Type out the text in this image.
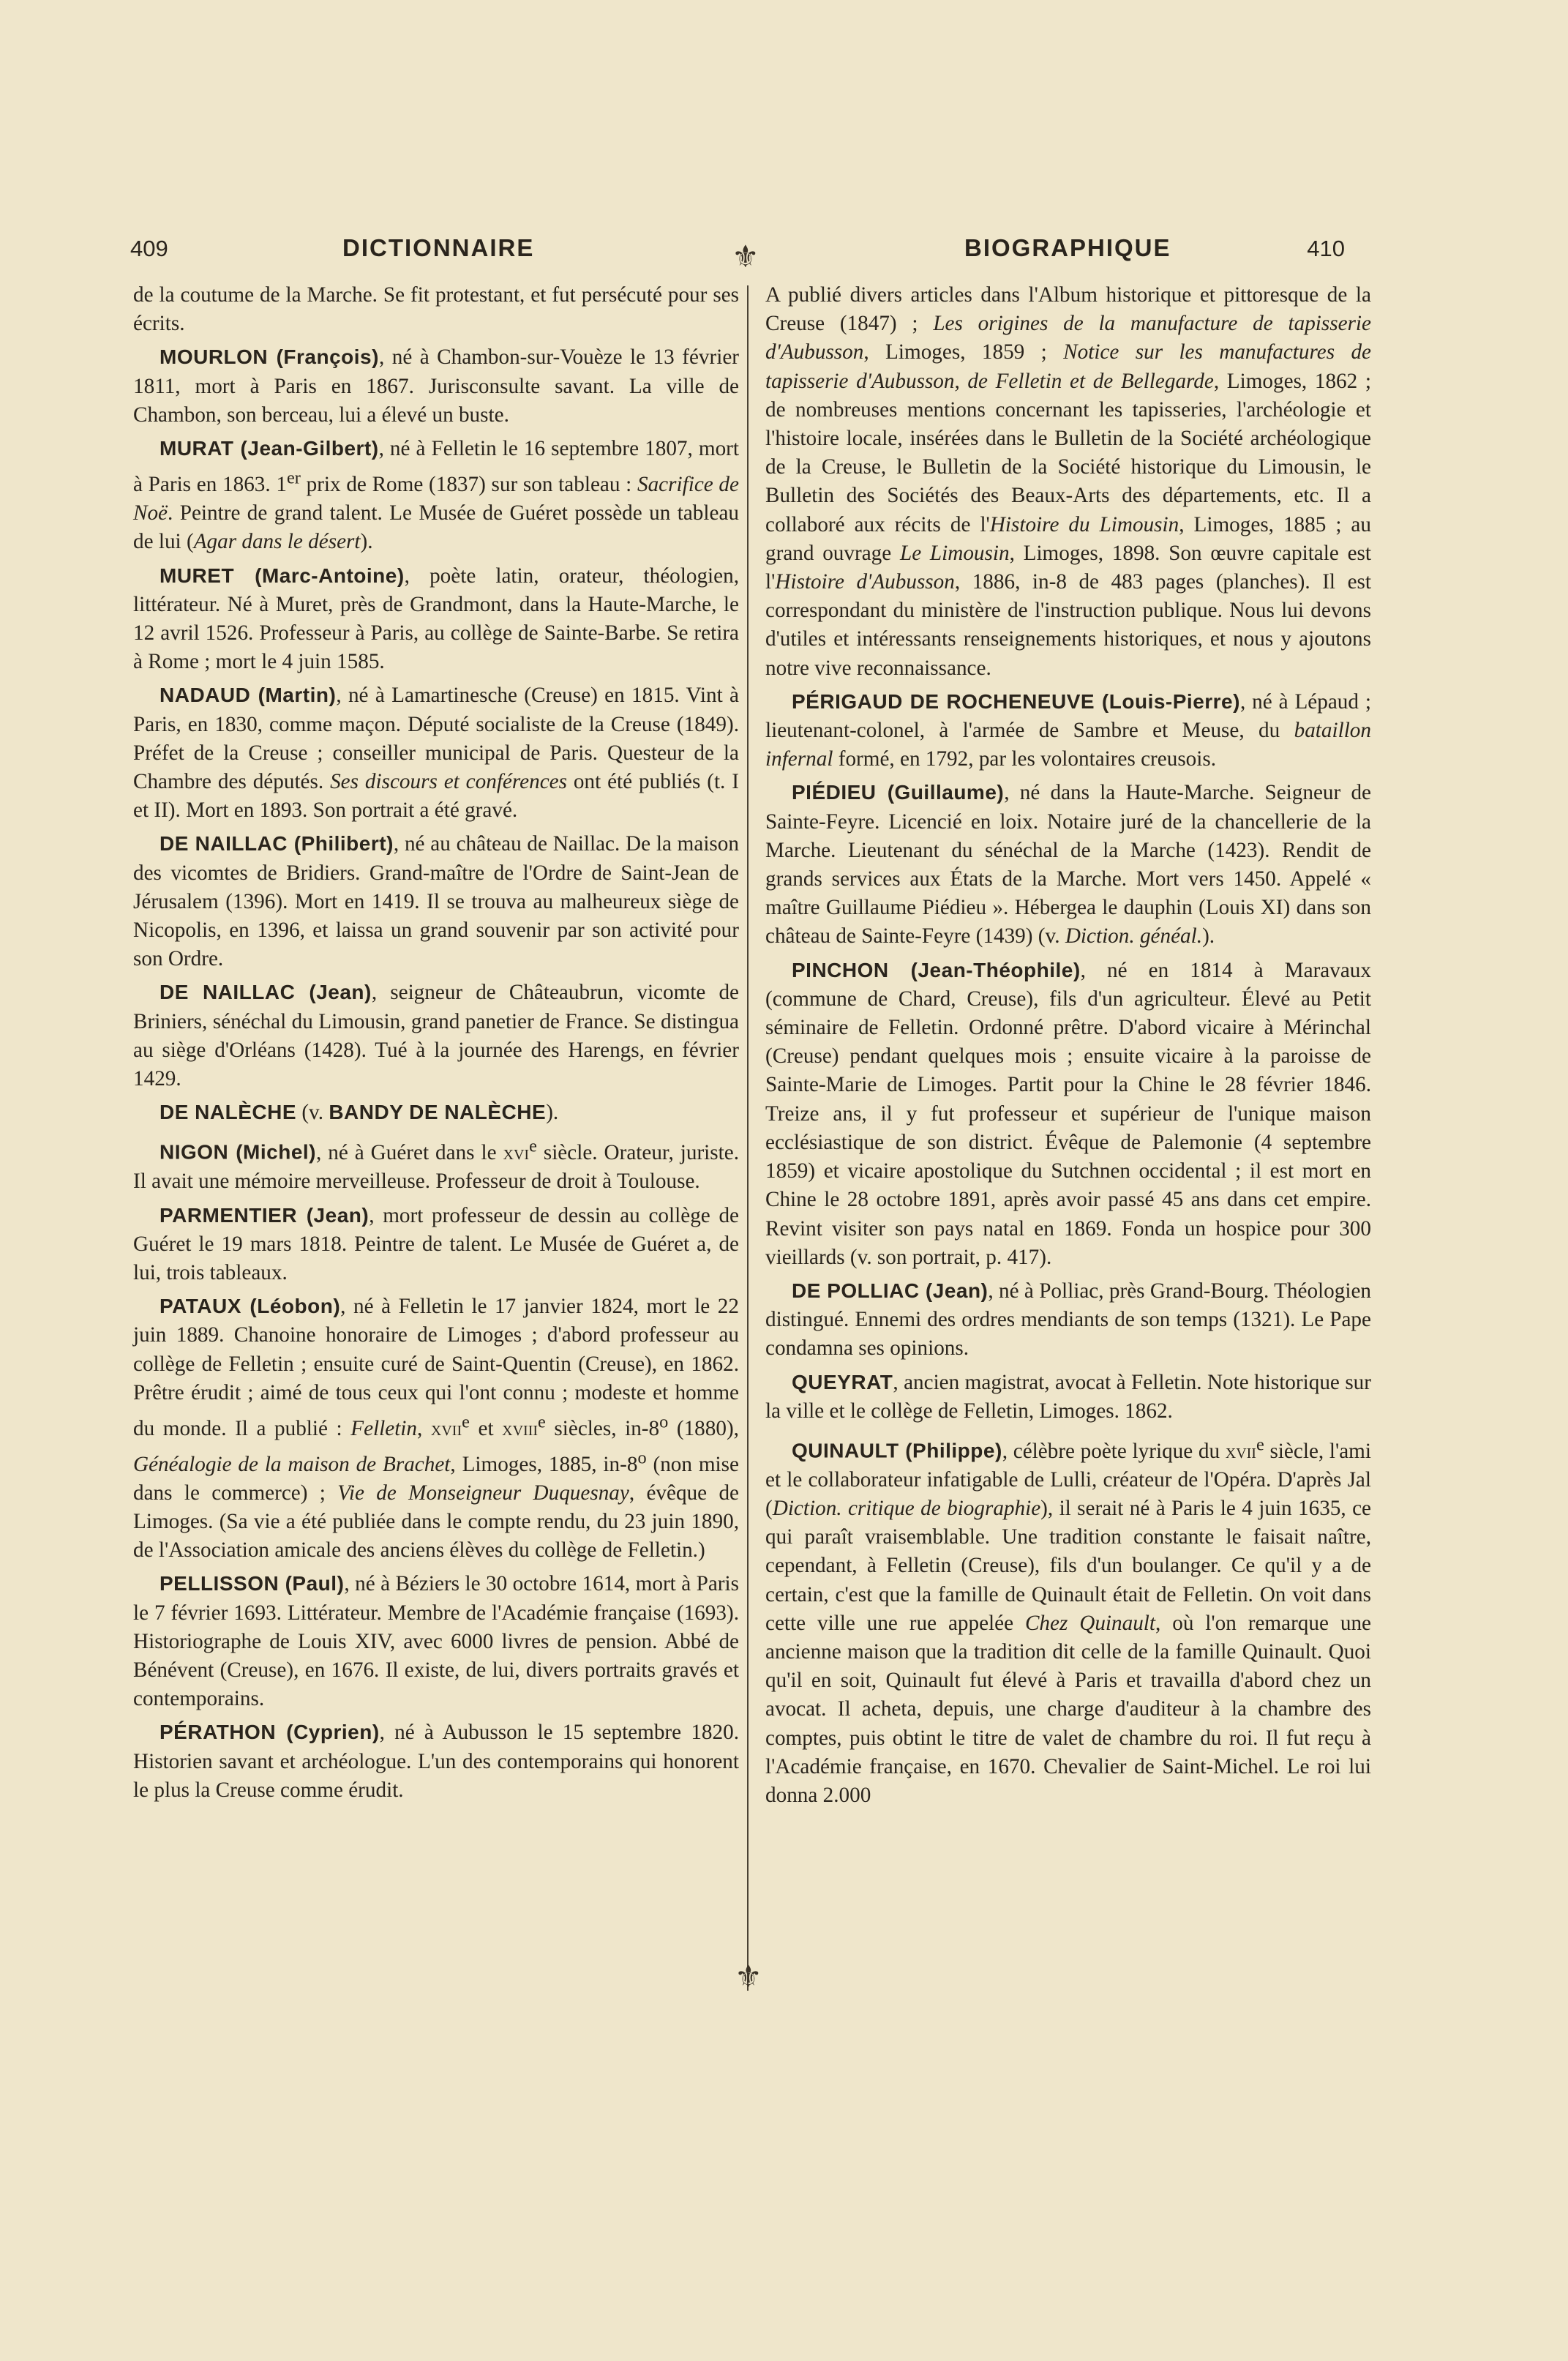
409	DICTIONNAIRE	BIOGRAPHIQUE	410
⚜
⚜

de la coutume de la Marche. Se fit protestant, et fut persécuté pour ses écrits.

MOURLON (François), né à Chambon-sur-Vouèze le 13 février 1811, mort à Paris en 1867. Jurisconsulte savant. La ville de Chambon, son berceau, lui a élevé un buste.

MURAT (Jean-Gilbert), né à Felletin le 16 septembre 1807, mort à Paris en 1863. 1er prix de Rome (1837) sur son tableau : Sacrifice de Noë. Peintre de grand talent. Le Musée de Guéret possède un tableau de lui (Agar dans le désert).

MURET (Marc-Antoine), poète latin, orateur, théologien, littérateur. Né à Muret, près de Grandmont, dans la Haute-Marche, le 12 avril 1526. Professeur à Paris, au collège de Sainte-Barbe. Se retira à Rome ; mort le 4 juin 1585.

NADAUD (Martin), né à Lamartinesche (Creuse) en 1815. Vint à Paris, en 1830, comme maçon. Député socialiste de la Creuse (1849). Préfet de la Creuse ; conseiller municipal de Paris. Questeur de la Chambre des députés. Ses discours et conférences ont été publiés (t. I et II). Mort en 1893. Son portrait a été gravé.

DE NAILLAC (Philibert), né au château de Naillac. De la maison des vicomtes de Bridiers. Grand-maître de l'Ordre de Saint-Jean de Jérusalem (1396). Mort en 1419. Il se trouva au malheureux siège de Nicopolis, en 1396, et laissa un grand souvenir par son activité pour son Ordre.

DE NAILLAC (Jean), seigneur de Châteaubrun, vicomte de Briniers, sénéchal du Limousin, grand panetier de France. Se distingua au siège d'Orléans (1428). Tué à la journée des Harengs, en février 1429.

DE NALÈCHE (v. BANDY DE NALÈCHE).

NIGON (Michel), né à Guéret dans le xvi$^e$ siècle. Orateur, juriste. Il avait une mémoire merveilleuse. Professeur de droit à Toulouse.

PARMENTIER (Jean), mort professeur de dessin au collège de Guéret le 19 mars 1818. Peintre de talent. Le Musée de Guéret a, de lui, trois tableaux.

PATAUX (Léobon), né à Felletin le 17 janvier 1824, mort le 22 juin 1889. Chanoine honoraire de Limoges ; d'abord professeur au collège de Felletin ; ensuite curé de Saint-Quentin (Creuse), en 1862. Prêtre érudit ; aimé de tous ceux qui l'ont connu ; modeste et homme du monde. Il a publié : Felletin, xvii$^e$ et xviii$^e$ siècles, in-8$^o$ (1880), Généalogie de la maison de Brachet, Limoges, 1885, in-8$^o$ (non mise dans le commerce) ; Vie de Monseigneur Duquesnay, évêque de Limoges. (Sa vie a été publiée dans le compte rendu, du 23 juin 1890, de l'Association amicale des anciens élèves du collège de Felletin.)

PELLISSON (Paul), né à Béziers le 30 octobre 1614, mort à Paris le 7 février 1693. Littérateur. Membre de l'Académie française (1693). Historiographe de Louis XIV, avec 6000 livres de pension. Abbé de Bénévent (Creuse), en 1676. Il existe, de lui, divers portraits gravés et contemporains.

PÉRATHON (Cyprien), né à Aubusson le 15 septembre 1820. Historien savant et archéologue. L'un des contemporains qui honorent le plus la Creuse comme érudit.

A publié divers articles dans l'Album historique et pittoresque de la Creuse (1847) ; Les origines de la manufacture de tapisserie d'Aubusson, Limoges, 1859 ; Notice sur les manufactures de tapisserie d'Aubusson, de Felletin et de Bellegarde, Limoges, 1862 ; de nombreuses mentions concernant les tapisseries, l'archéologie et l'histoire locale, insérées dans le Bulletin de la Société archéologique de la Creuse, le Bulletin de la Société historique du Limousin, le Bulletin des Sociétés des Beaux-Arts des départements, etc. Il a collaboré aux récits de l'Histoire du Limousin, Limoges, 1885 ; au grand ouvrage Le Limousin, Limoges, 1898. Son œuvre capitale est l'Histoire d'Aubusson, 1886, in-8 de 483 pages (planches). Il est correspondant du ministère de l'instruction publique. Nous lui devons d'utiles et intéressants renseignements historiques, et nous y ajoutons notre vive reconnaissance.

PÉRIGAUD DE ROCHENEUVE (Louis-Pierre), né à Lépaud ; lieutenant-colonel, à l'armée de Sambre et Meuse, du bataillon infernal formé, en 1792, par les volontaires creusois.

PIÉDIEU (Guillaume), né dans la Haute-Marche. Seigneur de Sainte-Feyre. Licencié en loix. Notaire juré de la chancellerie de la Marche. Lieutenant du sénéchal de la Marche (1423). Rendit de grands services aux États de la Marche. Mort vers 1450. Appelé « maître Guillaume Piédieu ». Hébergea le dauphin (Louis XI) dans son château de Sainte-Feyre (1439) (v. Diction. généal.).

PINCHON (Jean-Théophile), né en 1814 à Maravaux (commune de Chard, Creuse), fils d'un agriculteur. Élevé au Petit séminaire de Felletin. Ordonné prêtre. D'abord vicaire à Mérinchal (Creuse) pendant quelques mois ; ensuite vicaire à la paroisse de Sainte-Marie de Limoges. Partit pour la Chine le 28 février 1846. Treize ans, il y fut professeur et supérieur de l'unique maison ecclésiastique de son district. Évêque de Palemonie (4 septembre 1859) et vicaire apostolique du Sutchnen occidental ; il est mort en Chine le 28 octobre 1891, après avoir passé 45 ans dans cet empire. Revint visiter son pays natal en 1869. Fonda un hospice pour 300 vieillards (v. son portrait, p. 417).

DE POLLIAC (Jean), né à Polliac, près Grand-Bourg. Théologien distingué. Ennemi des ordres mendiants de son temps (1321). Le Pape condamna ses opinions.

QUEYRAT, ancien magistrat, avocat à Felletin. Note historique sur la ville et le collège de Felletin, Limoges. 1862.

QUINAULT (Philippe), célèbre poète lyrique du xvii$^e$ siècle, l'ami et le collaborateur infatigable de Lulli, créateur de l'Opéra. D'après Jal (Diction. critique de biographie), il serait né à Paris le 4 juin 1635, ce qui paraît vraisemblable. Une tradition constante le faisait naître, cependant, à Felletin (Creuse), fils d'un boulanger. Ce qu'il y a de certain, c'est que la famille de Quinault était de Felletin. On voit dans cette ville une rue appelée Chez Quinault, où l'on remarque une ancienne maison que la tradition dit celle de la famille Quinault. Quoi qu'il en soit, Quinault fut élevé à Paris et travailla d'abord chez un avocat. Il acheta, depuis, une charge d'auditeur à la chambre des comptes, puis obtint le titre de valet de chambre du roi. Il fut reçu à l'Académie française, en 1670. Chevalier de Saint-Michel. Le roi lui donna 2.000
